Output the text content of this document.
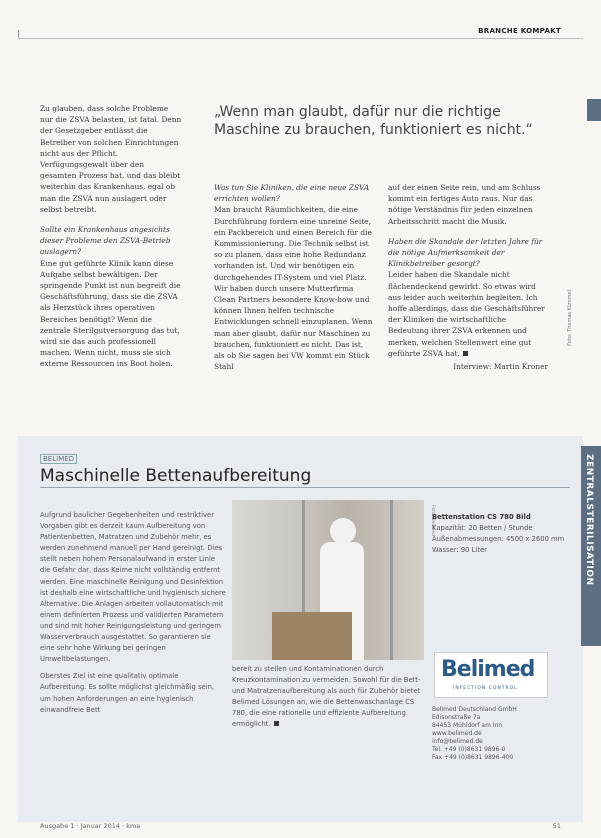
BRANCHE KOMPAKT
„Wenn man glaubt, dafür nur die richtige Maschine zu brauchen, funktioniert es nicht.“

Zu glauben, dass solche Probleme nur die ZSVA belasten, ist fatal. Denn der Gesetzgeber entlässt die Betreiber von solchen Einrichtungen nicht aus der Pflicht. Verfügungsgewalt über den gesamten Prozess hat, und das bleibt weiterhin das Krankenhaus, egal ob man die ZSVA nun auslagert oder selbst betreibt.

Sollte ein Krankenhaus angesichts dieser Probleme den ZSVA-Betrieb auslagern?

Eine gut geführte Klinik kann diese Aufgabe selbst bewältigen. Der springende Punkt ist nun begreift die Geschäftsführung, dass sie die ZSVA als Herzstück ihres operativen Bereiches benötigt? Wenn die zentrale Sterilgutversorgung das tut, wird sie das auch professionell machen. Wenn nicht, muss sie sich externe Ressourcen ins Boot holen.

Was tun Sie Kliniken, die eine neue ZSVA errichten wollen?

Man braucht Räumlichkeiten, die eine Durchführung fordern eine unreine Seite, ein Packbereich und einen Bereich für die Kommissionierung. Die Technik selbst ist so zu planen, dass eine hohe Redundanz vorhanden ist. Und wir benötigen ein durchgehendes IT-System und viel Platz. Wir haben durch unsere Mutterfirma Clean Partners besondere Know-how und können Ihnen helfen technische Entwicklungen schnell einzuplanen. Wenn man aber glaubt, dafür nur Maschinen zu brauchen, funktioniert es nicht. Das ist, als ob Sie sagen bei VW kommt ein Stück Stahl

auf der einen Seite rein, und am Schluss kommt ein fertiges Auto raus. Nur das nötige Verständnis für jeden einzelnen Arbeitsschritt macht die Musik.

Haben die Skandale der letzten Jahre für die nötige Aufmerksamkeit der Klinikbetreiber gesorgt?

Leider haben die Skandale nicht flächendeckend gewirkt. So etwas wird aus leider auch weiterhin begleiten. Ich hoffe allerdings, dass die Geschäftsführer der Kliniken die wirtschaftliche Bedeutung ihrer ZSVA erkennen und merken, welchen Stellenwert eine gut geführte ZSVA hat.

Interview: Martin Kroner

Foto: Thomas Kümmel
ZENTRALSTERILISATION
BELIMED
Maschinelle Bettenaufbereitung

Aufgrund baulicher Gegebenheiten und restriktiver Vorgaben gibt es derzeit kaum Aufbereitung von Patientenbetten, Matratzen und Zubehör mehr, es werden zunehmend manuell per Hand gereinigt. Dies stellt neben hohem Personalaufwand in erster Linie die Gefahr dar, dass Keime nicht vollständig entfernt werden. Eine maschinelle Reinigung und Desinfektion ist deshalb eine wirtschaftliche und hygienisch sichere Alternative. Die Anlagen arbeiten vollautomatisch mit einem definierten Prozess und validierten Parametern und sind mit hoher Reinigungsleistung und geringem Wasserverbrauch ausgestattet. So garantieren sie eine sehr hohe Wirkung bei geringen Umweltbelastungen.

Oberstes Ziel ist eine qualitativ optimale Aufbereitung. Es sollte möglichst gleichmäßig sein, um hohen Anforderungen an eine hygienisch einwandfreie Bett

Foto: Belimed
Bettenstation CS 780 Bild
Kapazität: 20 Betten / Stunde
Außenabmessungen: 4500 x 2600 mm
Wasser: 90 Liter

bereit zu stellen und Kontaminationen durch Kreuzkontamination zu vermeiden. Sowohl für die Bett- und Matratzenaufbereitung als auch für Zubehör bietet Belimed Lösungen an, wie die Bettenwaschanlage CS 780, die eine rationelle und effiziente Aufbereitung ermöglicht.

Belimed
INFECTION CONTROL
Belimed Deutschland GmbH
Edisonstraße 7a
84453 Mühldorf am Inn
www.belimed.de
info@belimed.de
Tel. +49 (0)8631 9896-0
Fax +49 (0)8631 9896-400
Ausgabe 1 · Januar 2014 · kma	51
